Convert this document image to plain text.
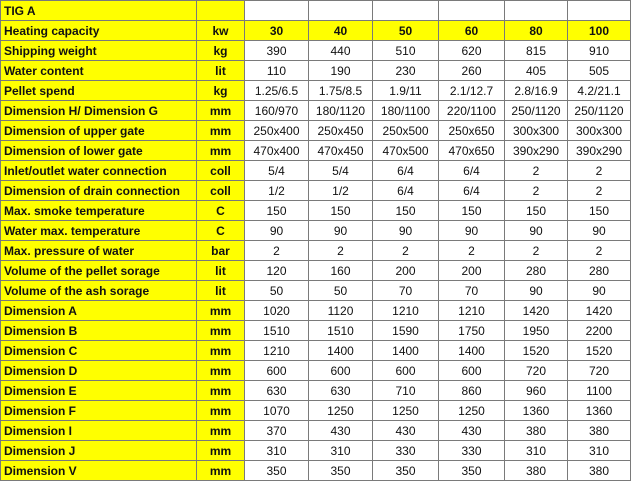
TIG A							
Heating capacity	kw	30	40	50	60	80	100
Shipping weight	kg	390	440	510	620	815	910
Water content	lit	110	190	230	260	405	505
Pellet spend	kg	1.25/6.5	1.75/8.5	1.9/11	2.1/12.7	2.8/16.9	4.2/21.1
Dimension H/ Dimension G	mm	160/970	180/1120	180/1100	220/1100	250/1120	250/1120
Dimension of upper gate	mm	250x400	250x450	250x500	250x650	300x300	300x300
Dimension of lower gate	mm	470x400	470x450	470x500	470x650	390x290	390x290
Inlet/outlet water connection	coll	5/4	5/4	6/4	6/4	2	2
Dimension of drain connection	coll	1/2	1/2	6/4	6/4	2	2
Max. smoke temperature	C	150	150	150	150	150	150
Water max. temperature	C	90	90	90	90	90	90
Max. pressure of water	bar	2	2	2	2	2	2
Volume of the pellet sorage	lit	120	160	200	200	280	280
Volume of the ash sorage	lit	50	50	70	70	90	90
Dimension A	mm	1020	1120	1210	1210	1420	1420
Dimension B	mm	1510	1510	1590	1750	1950	2200
Dimension C	mm	1210	1400	1400	1400	1520	1520
Dimension D	mm	600	600	600	600	720	720
Dimension E	mm	630	630	710	860	960	1100
Dimension F	mm	1070	1250	1250	1250	1360	1360
Dimension I	mm	370	430	430	430	380	380
Dimension J	mm	310	310	330	330	310	310
Dimension V	mm	350	350	350	350	380	380
